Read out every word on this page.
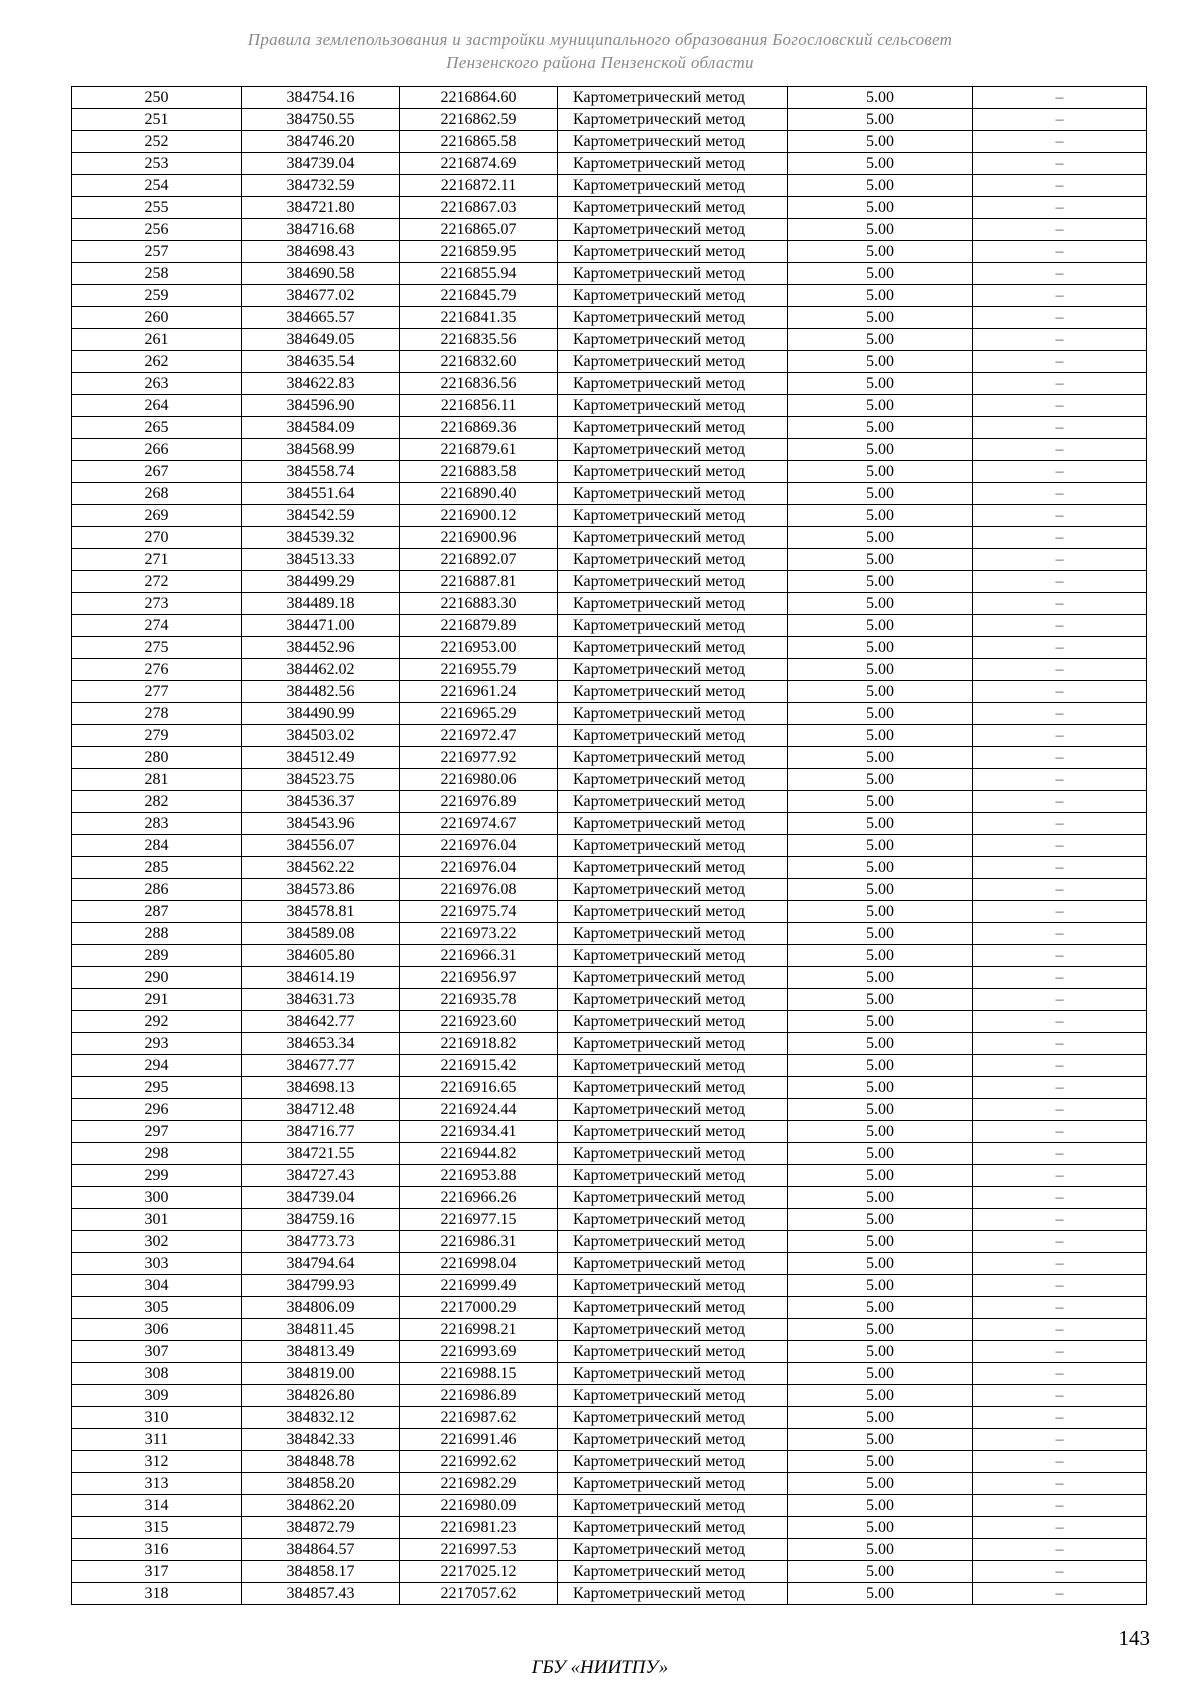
Правила землепользования и застройки муниципального образования Богословский сельсовет
Пензенского района Пензенской области
250	384754.16	2216864.60	Картометрический метод	5.00	–
251	384750.55	2216862.59	Картометрический метод	5.00	–
252	384746.20	2216865.58	Картометрический метод	5.00	–
253	384739.04	2216874.69	Картометрический метод	5.00	–
254	384732.59	2216872.11	Картометрический метод	5.00	–
255	384721.80	2216867.03	Картометрический метод	5.00	–
256	384716.68	2216865.07	Картометрический метод	5.00	–
257	384698.43	2216859.95	Картометрический метод	5.00	–
258	384690.58	2216855.94	Картометрический метод	5.00	–
259	384677.02	2216845.79	Картометрический метод	5.00	–
260	384665.57	2216841.35	Картометрический метод	5.00	–
261	384649.05	2216835.56	Картометрический метод	5.00	–
262	384635.54	2216832.60	Картометрический метод	5.00	–
263	384622.83	2216836.56	Картометрический метод	5.00	–
264	384596.90	2216856.11	Картометрический метод	5.00	–
265	384584.09	2216869.36	Картометрический метод	5.00	–
266	384568.99	2216879.61	Картометрический метод	5.00	–
267	384558.74	2216883.58	Картометрический метод	5.00	–
268	384551.64	2216890.40	Картометрический метод	5.00	–
269	384542.59	2216900.12	Картометрический метод	5.00	–
270	384539.32	2216900.96	Картометрический метод	5.00	–
271	384513.33	2216892.07	Картометрический метод	5.00	–
272	384499.29	2216887.81	Картометрический метод	5.00	–
273	384489.18	2216883.30	Картометрический метод	5.00	–
274	384471.00	2216879.89	Картометрический метод	5.00	–
275	384452.96	2216953.00	Картометрический метод	5.00	–
276	384462.02	2216955.79	Картометрический метод	5.00	–
277	384482.56	2216961.24	Картометрический метод	5.00	–
278	384490.99	2216965.29	Картометрический метод	5.00	–
279	384503.02	2216972.47	Картометрический метод	5.00	–
280	384512.49	2216977.92	Картометрический метод	5.00	–
281	384523.75	2216980.06	Картометрический метод	5.00	–
282	384536.37	2216976.89	Картометрический метод	5.00	–
283	384543.96	2216974.67	Картометрический метод	5.00	–
284	384556.07	2216976.04	Картометрический метод	5.00	–
285	384562.22	2216976.04	Картометрический метод	5.00	–
286	384573.86	2216976.08	Картометрический метод	5.00	–
287	384578.81	2216975.74	Картометрический метод	5.00	–
288	384589.08	2216973.22	Картометрический метод	5.00	–
289	384605.80	2216966.31	Картометрический метод	5.00	–
290	384614.19	2216956.97	Картометрический метод	5.00	–
291	384631.73	2216935.78	Картометрический метод	5.00	–
292	384642.77	2216923.60	Картометрический метод	5.00	–
293	384653.34	2216918.82	Картометрический метод	5.00	–
294	384677.77	2216915.42	Картометрический метод	5.00	–
295	384698.13	2216916.65	Картометрический метод	5.00	–
296	384712.48	2216924.44	Картометрический метод	5.00	–
297	384716.77	2216934.41	Картометрический метод	5.00	–
298	384721.55	2216944.82	Картометрический метод	5.00	–
299	384727.43	2216953.88	Картометрический метод	5.00	–
300	384739.04	2216966.26	Картометрический метод	5.00	–
301	384759.16	2216977.15	Картометрический метод	5.00	–
302	384773.73	2216986.31	Картометрический метод	5.00	–
303	384794.64	2216998.04	Картометрический метод	5.00	–
304	384799.93	2216999.49	Картометрический метод	5.00	–
305	384806.09	2217000.29	Картометрический метод	5.00	–
306	384811.45	2216998.21	Картометрический метод	5.00	–
307	384813.49	2216993.69	Картометрический метод	5.00	–
308	384819.00	2216988.15	Картометрический метод	5.00	–
309	384826.80	2216986.89	Картометрический метод	5.00	–
310	384832.12	2216987.62	Картометрический метод	5.00	–
311	384842.33	2216991.46	Картометрический метод	5.00	–
312	384848.78	2216992.62	Картометрический метод	5.00	–
313	384858.20	2216982.29	Картометрический метод	5.00	–
314	384862.20	2216980.09	Картометрический метод	5.00	–
315	384872.79	2216981.23	Картометрический метод	5.00	–
316	384864.57	2216997.53	Картометрический метод	5.00	–
317	384858.17	2217025.12	Картометрический метод	5.00	–
318	384857.43	2217057.62	Картометрический метод	5.00	–
143
ГБУ «НИИТПУ»
